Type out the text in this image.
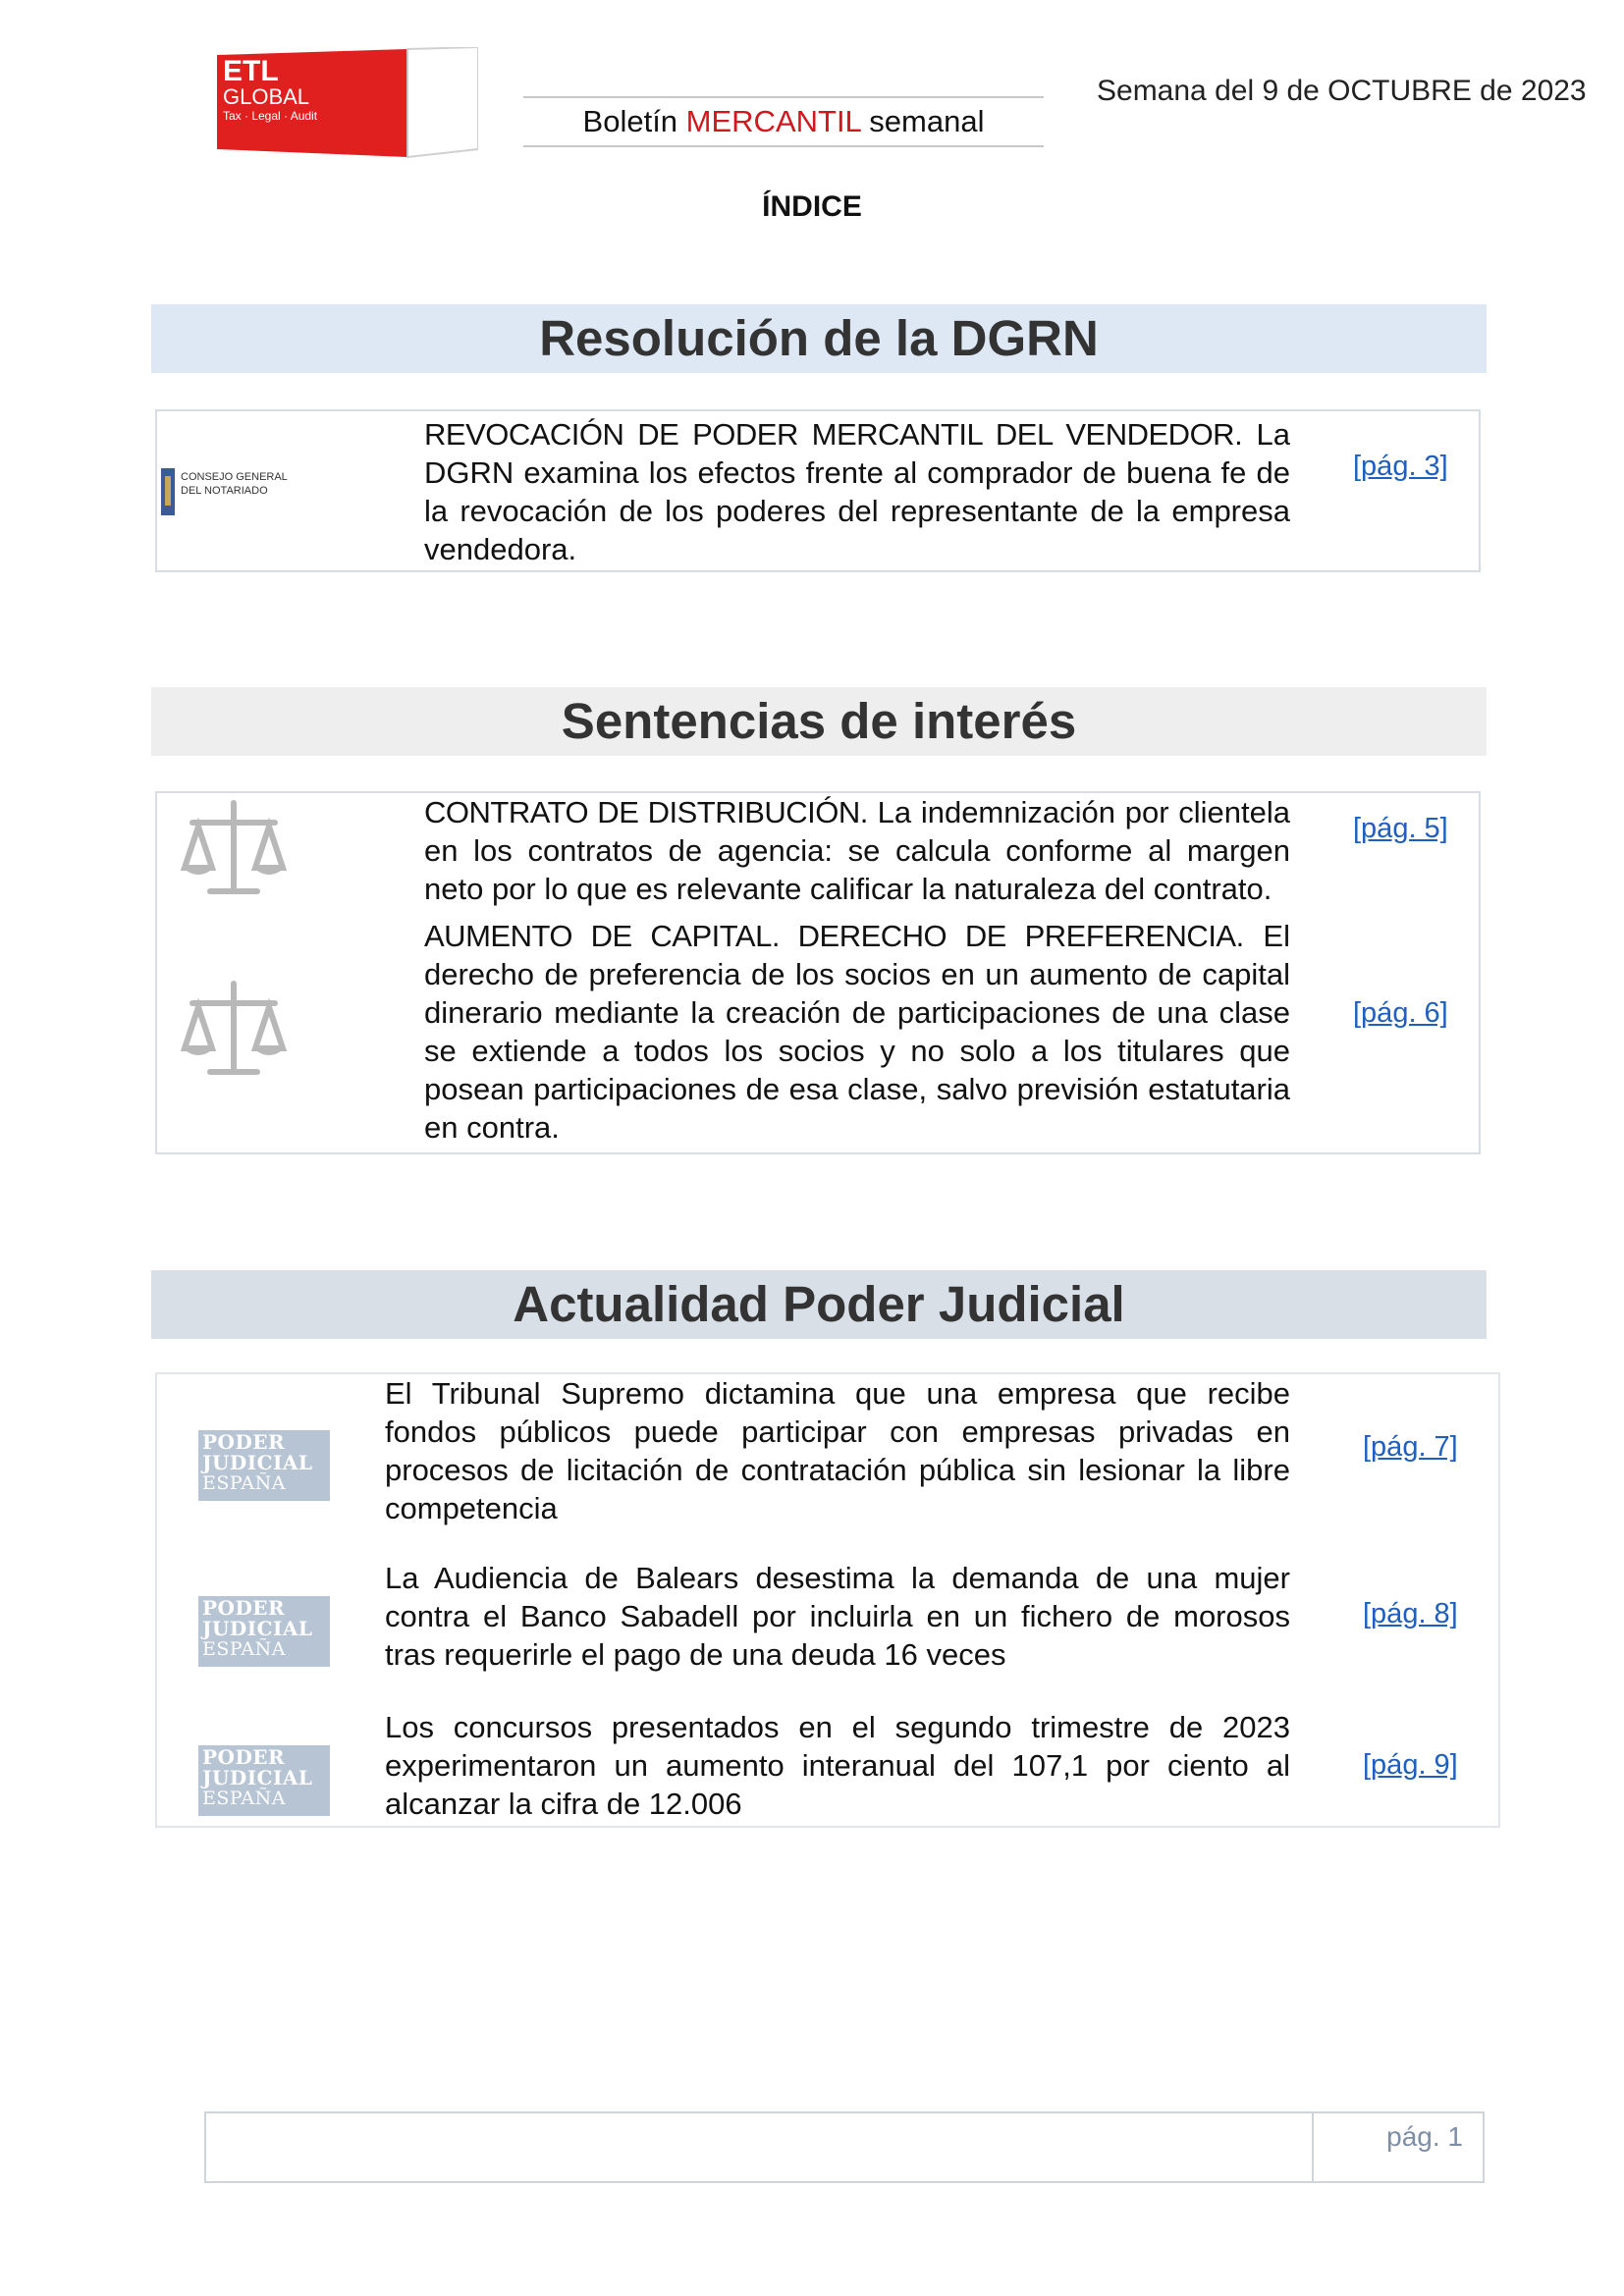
ETL
GLOBAL
Tax · Legal · Audit	Boletín MERCANTIL semanal
Semana del 9 de OCTUBRE de 2023
ÍNDICE
Resolución de la DGRN
CONSEJO GENERAL
DEL NOTARIADO
REVOCACIÓN DE PODER MERCANTIL DEL VENDEDOR. La DGRN examina los efectos frente al comprador de buena fe de la revocación de los poderes del representante de la empresa vendedora.
[pág. 3]
Sentencias de interés
CONTRATO DE DISTRIBUCIÓN. La indemnización por clientela en los contratos de agencia: se calcula conforme al margen neto por lo que es relevante calificar la naturaleza del contrato.
[pág. 5]
AUMENTO DE CAPITAL. DERECHO DE PREFERENCIA. El derecho de preferencia de los socios en un aumento de capital dinerario mediante la creación de participaciones de una clase se extiende a todos los socios y no solo a los titulares que posean participaciones de esa clase, salvo previsión estatutaria en contra.
[pág. 6]
Actualidad Poder Judicial
PODER
JUDICIAL
ESPAÑA
El Tribunal Supremo dictamina que una empresa que recibe fondos públicos puede participar con empresas privadas en procesos de licitación de contratación pública sin lesionar la libre competencia
[pág. 7]
PODER
JUDICIAL
ESPAÑA
La Audiencia de Balears desestima la demanda de una mujer contra el Banco Sabadell por incluirla en un fichero de morosos tras requerirle el pago de una deuda 16 veces
[pág. 8]
PODER
JUDICIAL
ESPAÑA
Los concursos presentados en el segundo trimestre de 2023 experimentaron un aumento interanual del 107,1 por ciento al alcanzar la cifra de 12.006
[pág. 9]
pág. 1
